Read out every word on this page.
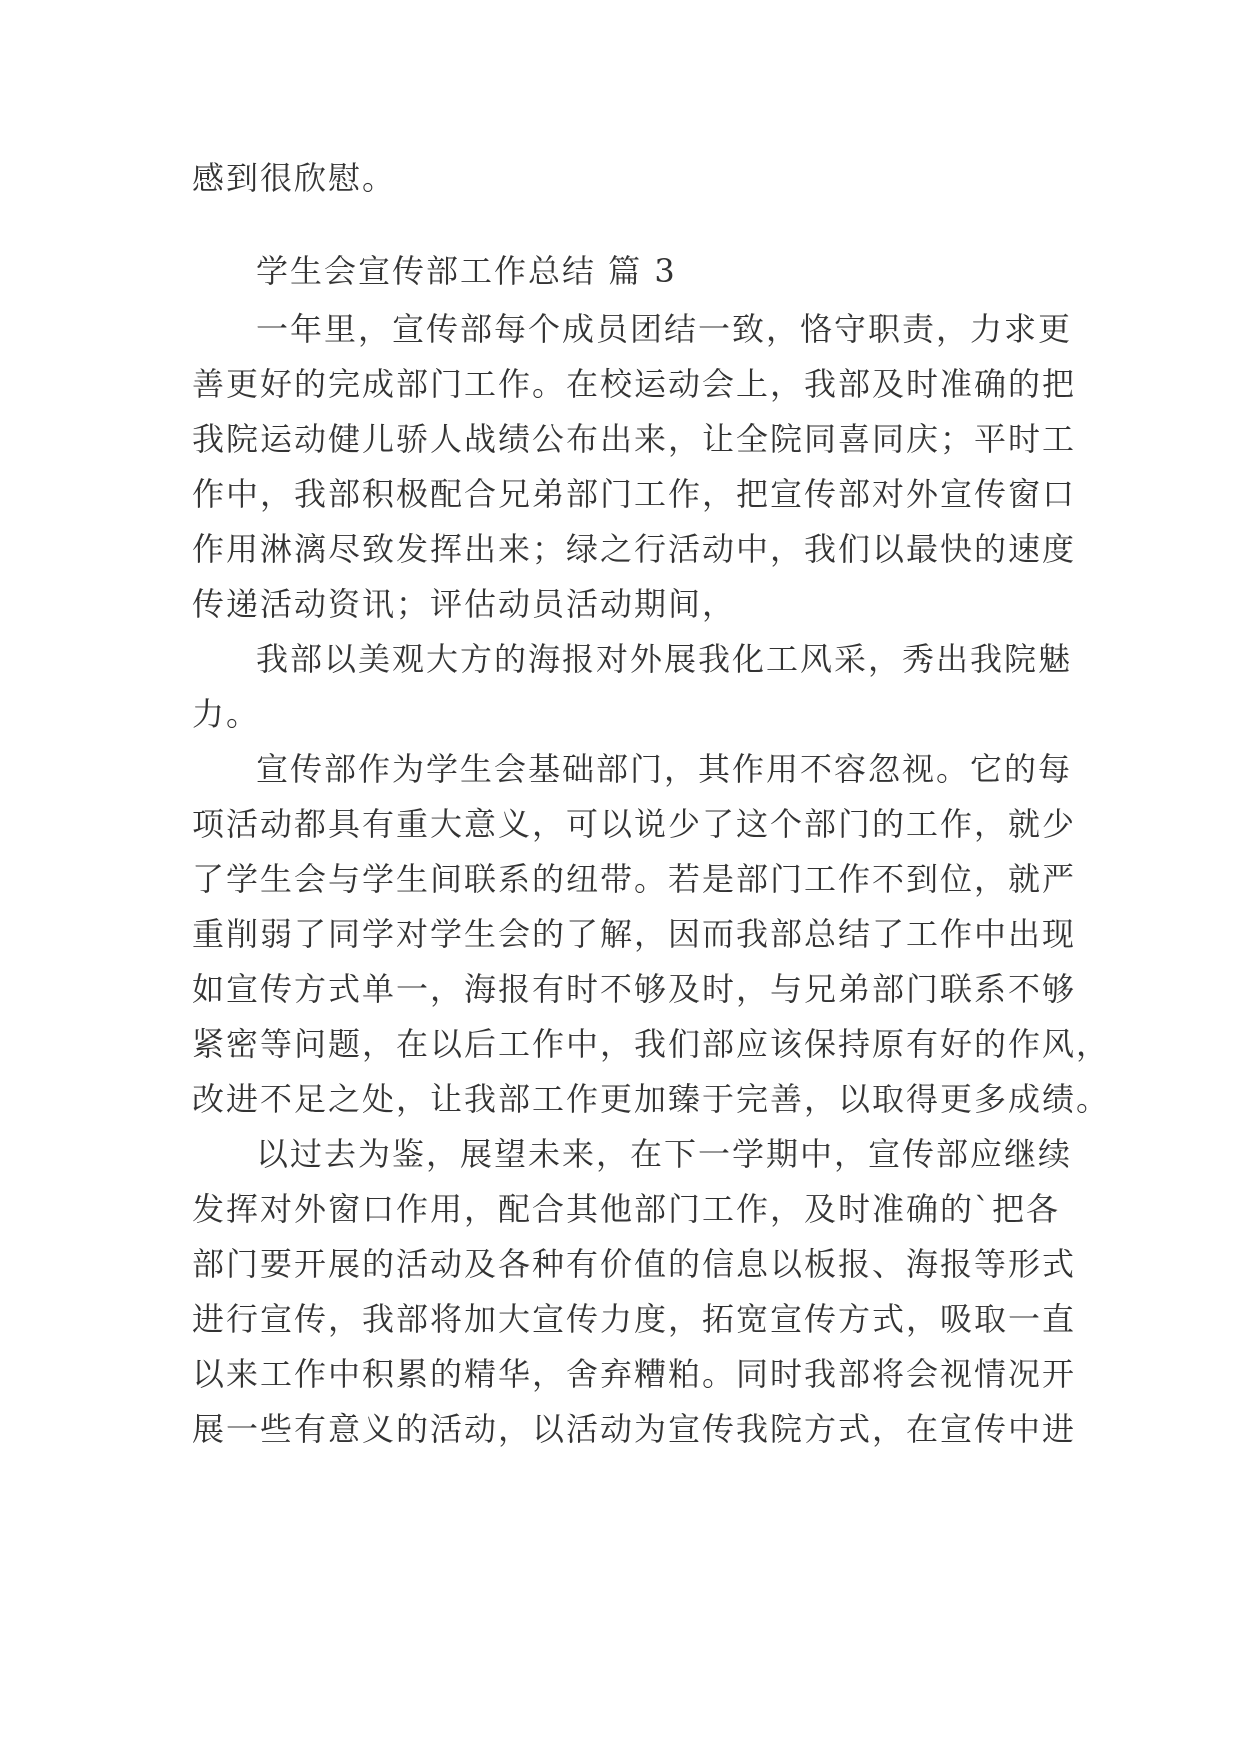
感到很欣慰。
学生会宣传部工作总结 篇 3
一年里，宣传部每个成员团结一致，恪守职责，力求更
善更好的完成部门工作。在校运动会上，我部及时准确的把
我院运动健儿骄人战绩公布出来，让全院同喜同庆；平时工
作中，我部积极配合兄弟部门工作，把宣传部对外宣传窗口
作用淋漓尽致发挥出来；绿之行活动中，我们以最快的速度
传递活动资讯；评估动员活动期间，
我部以美观大方的海报对外展我化工风采，秀出我院魅
力。
宣传部作为学生会基础部门，其作用不容忽视。它的每
项活动都具有重大意义，可以说少了这个部门的工作，就少
了学生会与学生间联系的纽带。若是部门工作不到位，就严
重削弱了同学对学生会的了解，因而我部总结了工作中出现
如宣传方式单一，海报有时不够及时，与兄弟部门联系不够
紧密等问题，在以后工作中，我们部应该保持原有好的作风，
改进不足之处，让我部工作更加臻于完善，以取得更多成绩。
以过去为鉴，展望未来，在下一学期中，宣传部应继续
发挥对外窗口作用，配合其他部门工作，及时准确的`把各
部门要开展的活动及各种有价值的信息以板报、海报等形式
进行宣传，我部将加大宣传力度，拓宽宣传方式，吸取一直
以来工作中积累的精华，舍弃糟粕。同时我部将会视情况开
展一些有意义的活动，以活动为宣传我院方式，在宣传中进
